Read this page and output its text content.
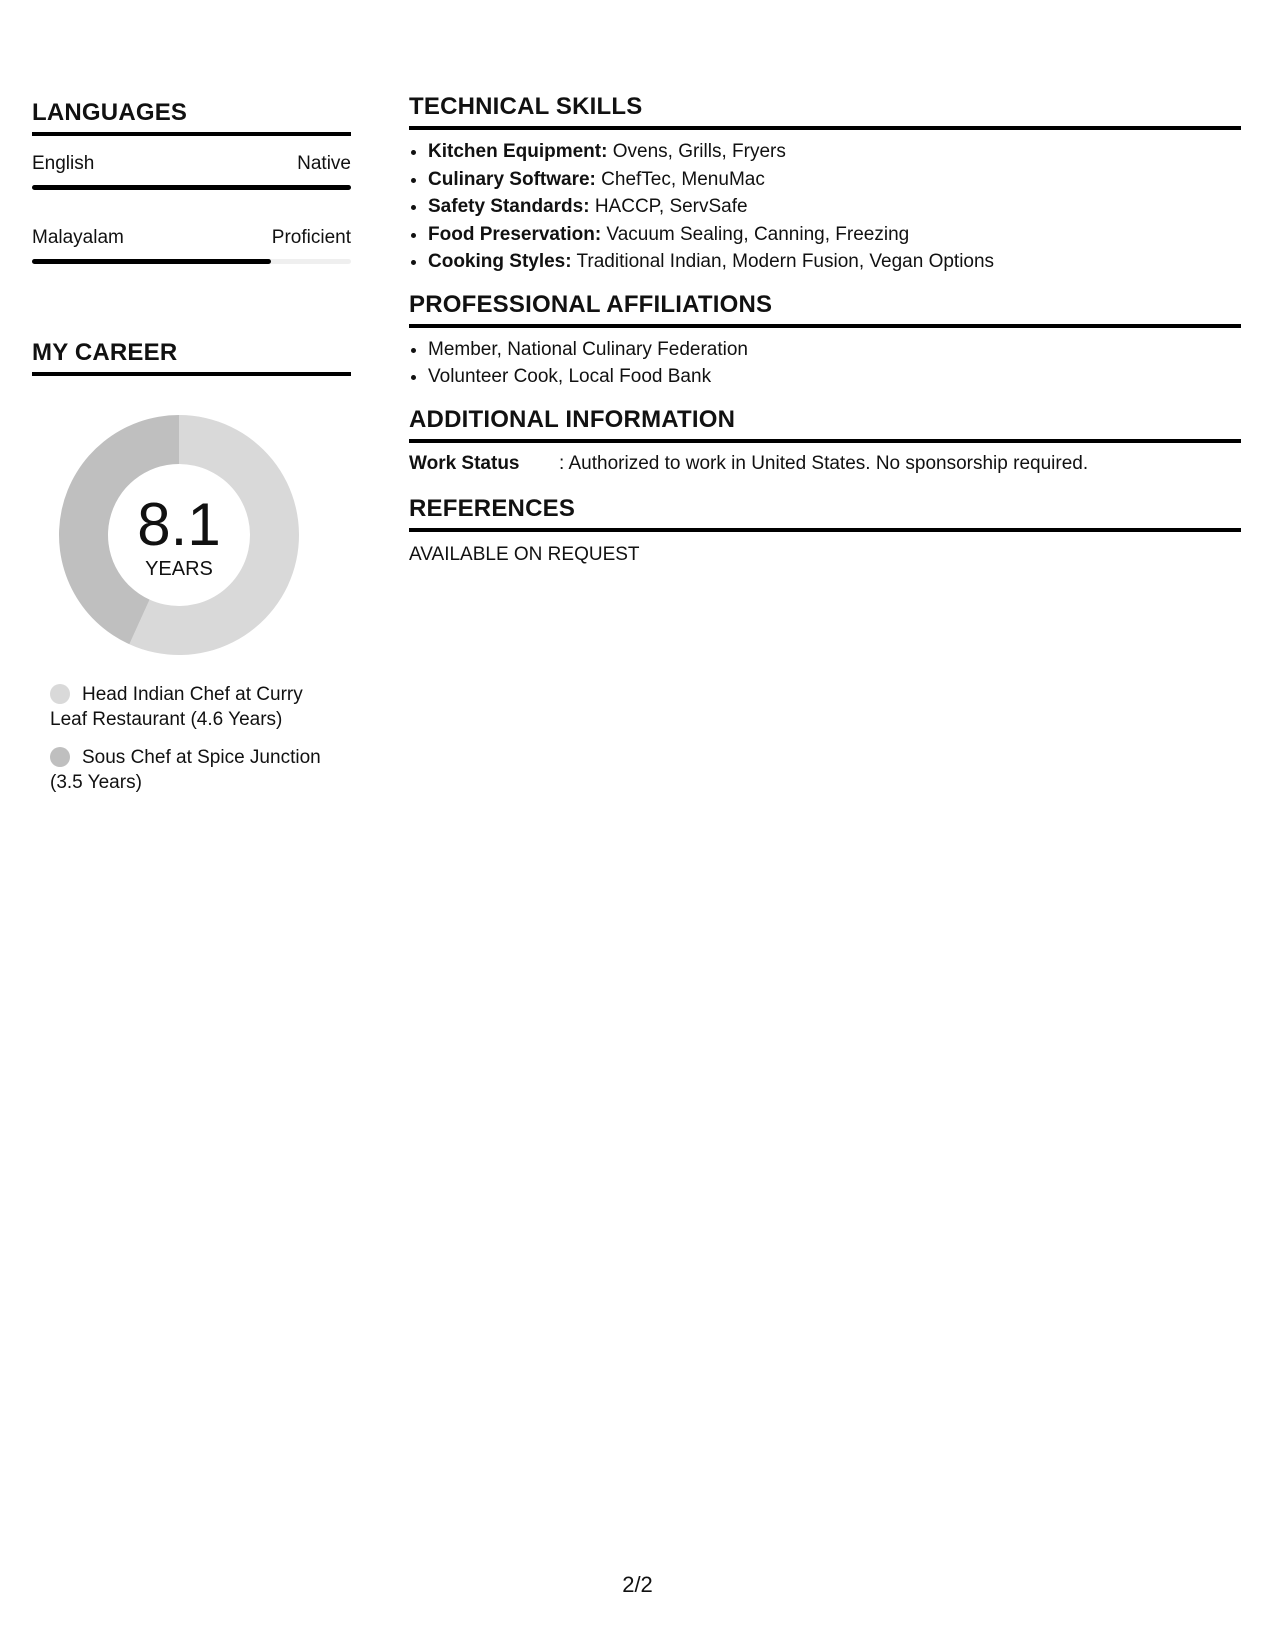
LANGUAGES
English	Native
Malayalam	Proficient
MY CAREER
8.1
YEARS
Head Indian Chef at Curry Leaf Restaurant (4.6 Years)
Sous Chef at Spice Junction (3.5 Years)
TECHNICAL SKILLS
• Kitchen Equipment: Ovens, Grills, Fryers
• Culinary Software: ChefTec, MenuMac
• Safety Standards: HACCP, ServSafe
• Food Preservation: Vacuum Sealing, Canning, Freezing
• Cooking Styles: Traditional Indian, Modern Fusion, Vegan Options
PROFESSIONAL AFFILIATIONS
• Member, National Culinary Federation
• Volunteer Cook, Local Food Bank
ADDITIONAL INFORMATION
Work Status	: Authorized to work in United States. No sponsorship required.
REFERENCES
AVAILABLE ON REQUEST
2/2
